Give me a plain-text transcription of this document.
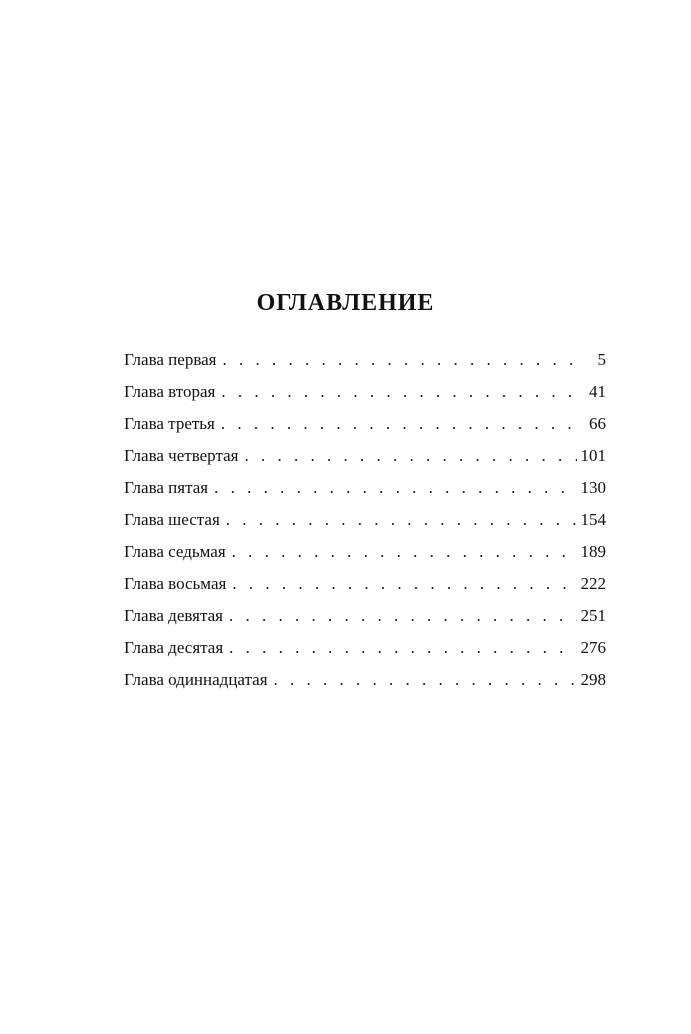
ОГЛАВЛЕНИЕ
Глава первая . . .	5
Глава вторая . . .	41
Глава третья . . .	66
Глава четвертая . . .	101
Глава пятая . . .	130
Глава шестая . . .	154
Глава седьмая . . .	189
Глава восьмая . . .	222
Глава девятая . . .	251
Глава десятая . . .	276
Глава одиннадцатая . . .	298
